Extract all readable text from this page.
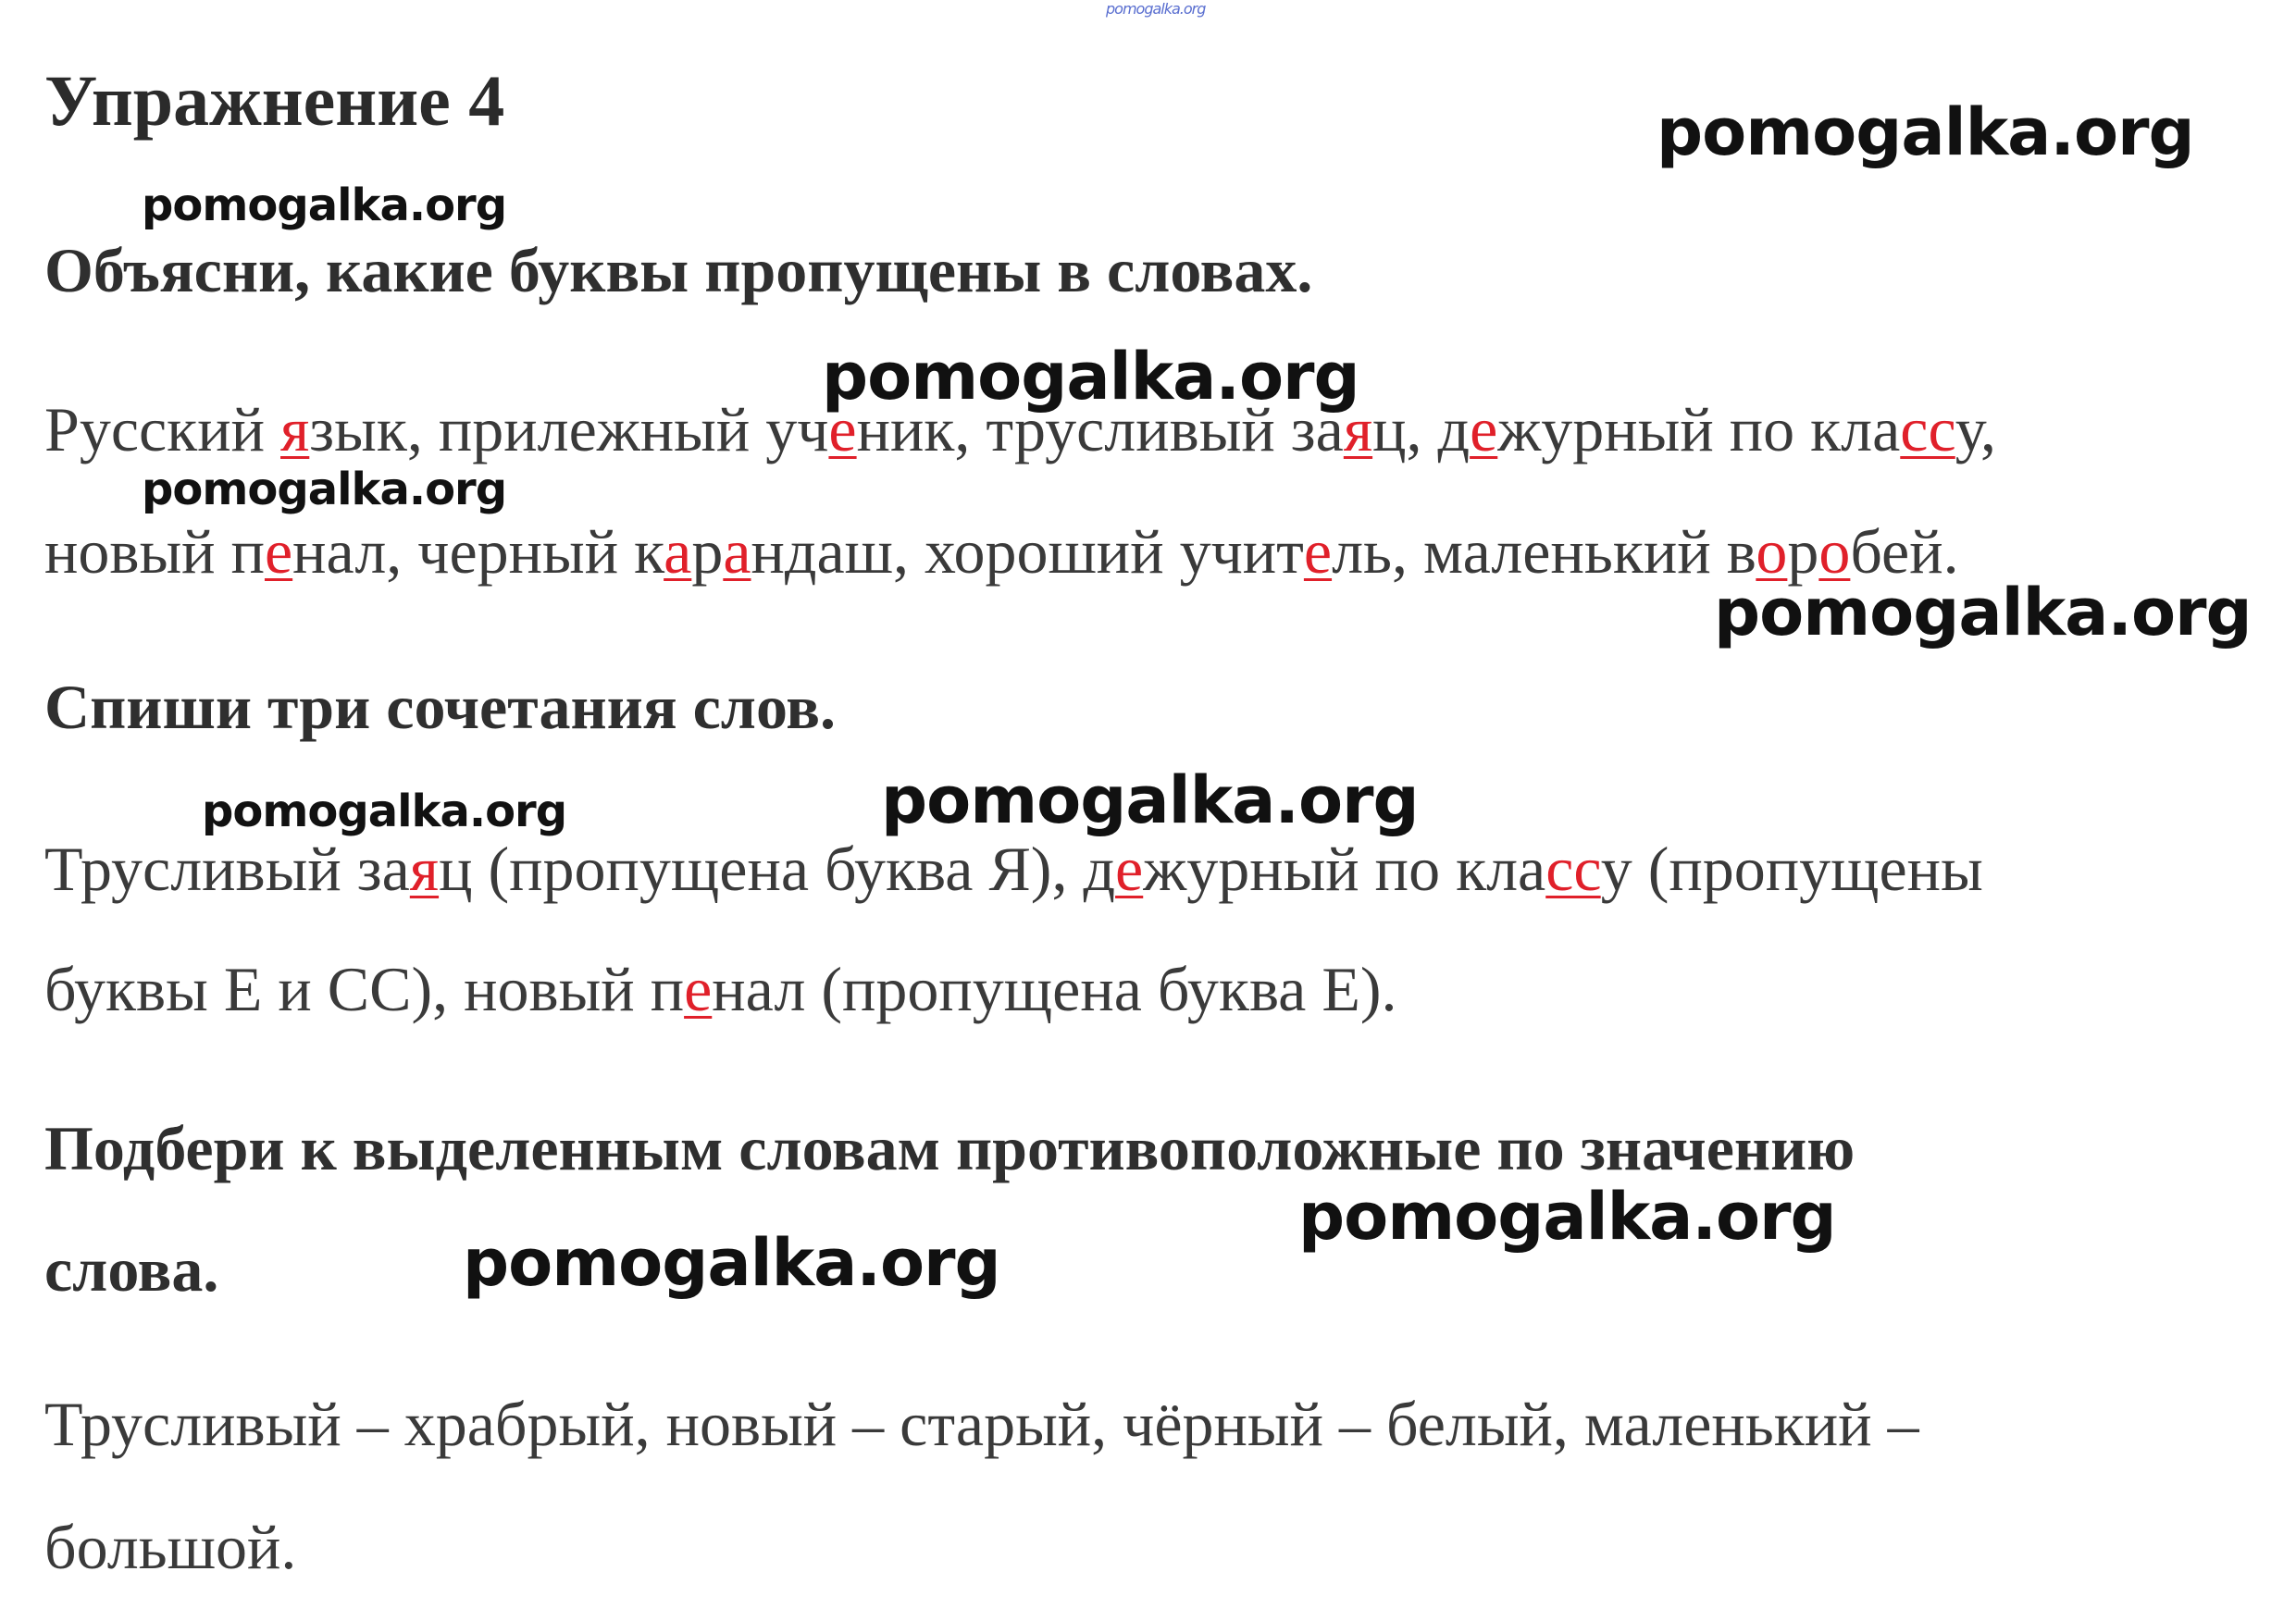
pomogalka.org
Упражнение 4	pomogalka.org
pomogalka.org
Объясни, какие буквы пропущены в словах.
pomogalka.org
Русский язык, прилежный ученик, трусливый заяц, дежурный по классу,
pomogalka.org
новый пенал, черный карандаш, хороший учитель, маленький воробей.
pomogalka.org
Спиши три сочетания слов.
pomogalka.org
pomogalka.org
Трусливый заяц (пропущена буква Я), дежурный по классу (пропущены
буквы Е и СС), новый пенал (пропущена буква Е).
Подбери к выделенным словам противоположные по значению
pomogalka.org
слова.	pomogalka.org
Трусливый – храбрый, новый – старый, чёрный – белый, маленький –
большой.
